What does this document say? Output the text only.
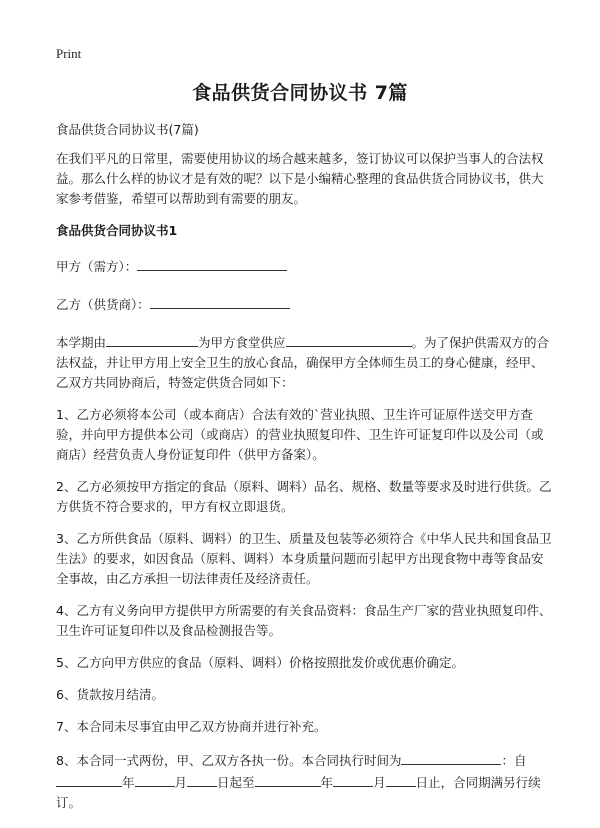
Print
食品供货合同协议书 7篇
食品供货合同协议书(7篇)

在我们平凡的日常里，需要使用协议的场合越来越多，签订协议可以保护当事人的合法权益。那么什么样的协议才是有效的呢？以下是小编精心整理的食品供货合同协议书，供大家参考借鉴，希望可以帮助到有需要的朋友。

食品供货合同协议书1
甲方（需方）：
乙方（供货商）：

本学期由	为甲方食堂供应	。为了保护供需双方的合法权益，并让甲方用上安全卫生的放心食品，确保甲方全体师生员工的身心健康，经甲、乙双方共同协商后，特签定供货合同如下：

1、乙方必须将本公司（或本商店）合法有效的`营业执照、卫生许可证原件送交甲方查验，并向甲方提供本公司（或商店）的营业执照复印件、卫生许可证复印件以及公司（或商店）经营负责人身份证复印件（供甲方备案）。

2、乙方必须按甲方指定的食品（原料、调料）品名、规格、数量等要求及时进行供货。乙方供货不符合要求的，甲方有权立即退货。

3、乙方所供食品（原料、调料）的卫生、质量及包装等必须符合《中华人民共和国食品卫生法》的要求，如因食品（原料、调料）本身质量问题而引起甲方出现食物中毒等食品安全事故，由乙方承担一切法律责任及经济责任。

4、乙方有义务向甲方提供甲方所需要的有关食品资料：食品生产厂家的营业执照复印件、卫生许可证复印件以及食品检测报告等。

5、乙方向甲方供应的食品（原料、调料）价格按照批发价或优惠价确定。

6、货款按月结清。

7、本合同未尽事宜由甲乙双方协商并进行补充。

8、本合同一式两份，甲、乙双方各执一份。本合同执行时间为	：自年	月 日起至	年	月 日止，合同期满另行续订。
